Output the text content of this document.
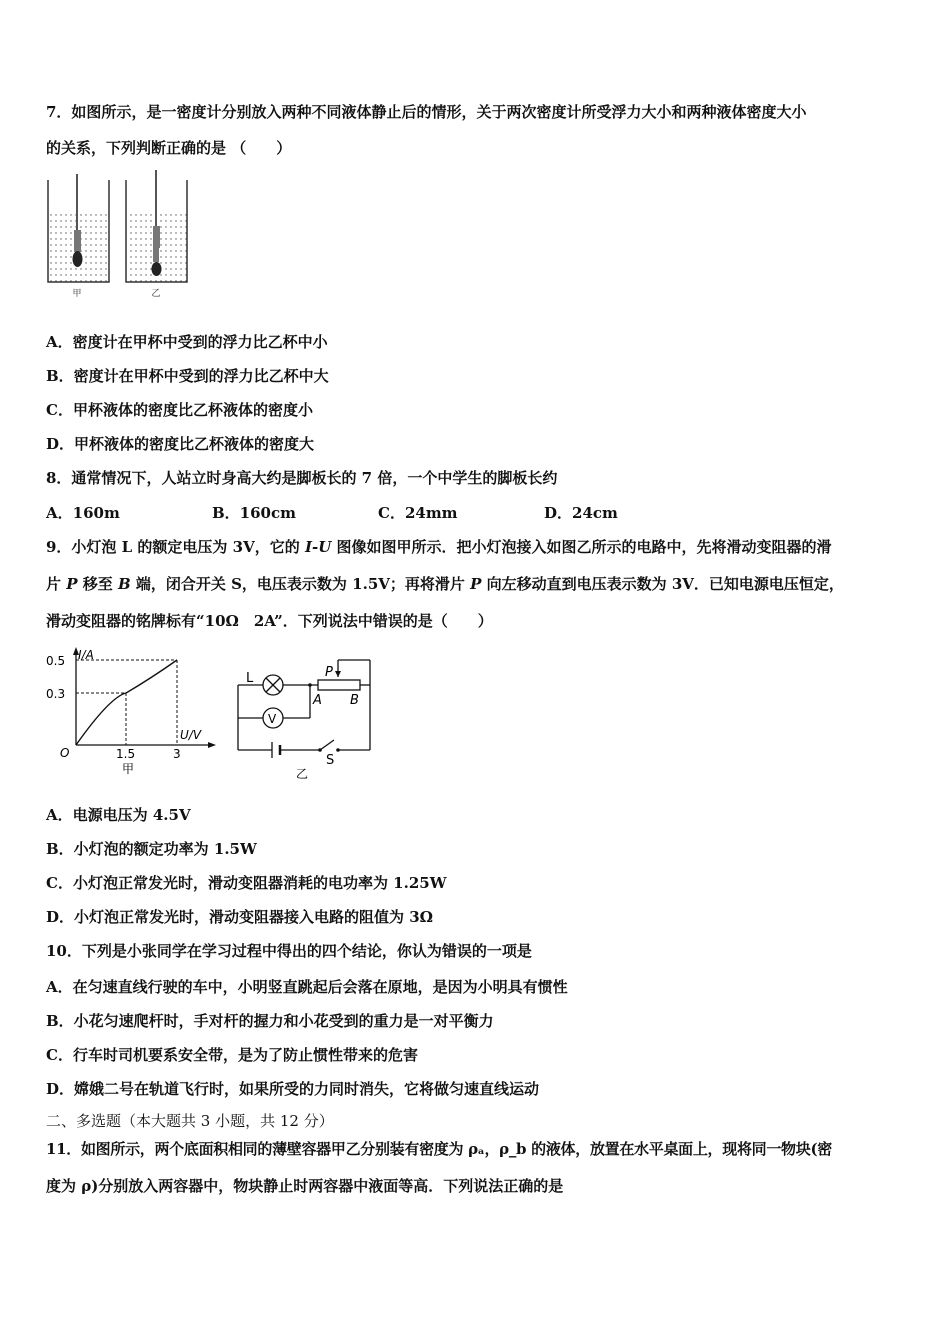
7．如图所示，是一密度计分别放入两种不同液体静止后的情形，关于两次密度计所受浮力大小和两种液体密度大小
的关系，下列判断正确的是 （　　）
甲	乙
A．密度计在甲杯中受到的浮力比乙杯中小
B．密度计在甲杯中受到的浮力比乙杯中大
C．甲杯液体的密度比乙杯液体的密度小
D．甲杯液体的密度比乙杯液体的密度大
8．通常情况下，人站立时身高大约是脚板长的 7 倍，一个中学生的脚板长约
A．160m	B．160cm	C．24mm	D．24cm
9．小灯泡 L 的额定电压为 3V，它的 I-U 图像如图甲所示．把小灯泡接入如图乙所示的电路中，先将滑动变阻器的滑
片 P 移至 B 端，闭合开关 S，电压表示数为 1.5V；再将滑片 P 向左移动直到电压表示数为 3V．已知电源电压恒定，
滑动变阻器的铭牌标有“10Ω　2A”．下列说法中错误的是（　　）
I/A
U/V
O
0.5
0.3
1.5	3
甲
L
V
P
A B
S
乙
A．电源电压为 4.5V
B．小灯泡的额定功率为 1.5W
C．小灯泡正常发光时，滑动变阻器消耗的电功率为 1.25W
D．小灯泡正常发光时，滑动变阻器接入电路的阻值为 3Ω
10．下列是小张同学在学习过程中得出的四个结论，你认为错误的一项是
A．在匀速直线行驶的车中，小明竖直跳起后会落在原地，是因为小明具有惯性
B．小花匀速爬杆时，手对杆的握力和小花受到的重力是一对平衡力
C．行车时司机要系安全带，是为了防止惯性带来的危害
D．嫦娥二号在轨道飞行时，如果所受的力同时消失，它将做匀速直线运动
二、多选题（本大题共 3 小题，共 12 分）
11．如图所示，两个底面积相同的薄壁容器甲乙分别装有密度为 ρₐ，ρ_b 的液体，放置在水平桌面上，现将同一物块(密
度为 ρ)分别放入两容器中，物块静止时两容器中液面等高．下列说法正确的是
